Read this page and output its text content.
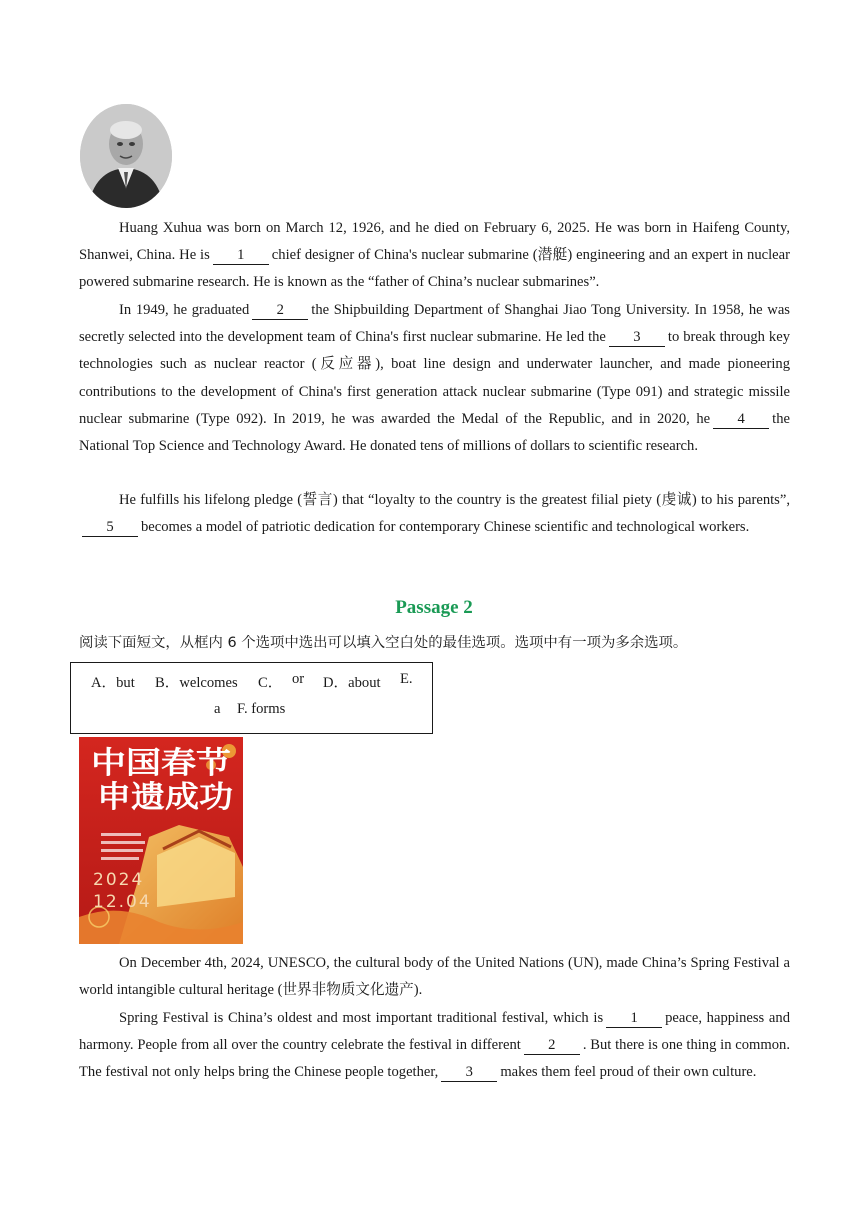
Huang Xuhua was born on March 12, 1926, and he died on February 6, 2025. He was born in Haifeng County, Shanwei, China. He is 1 chief designer of China's nuclear submarine (潜艇) engineering and an expert in nuclear powered submarine research. He is known as the “father of China’s nuclear submarines”.

In 1949, he graduated 2 the Shipbuilding Department of Shanghai Jiao Tong University. In 1958, he was secretly selected into the development team of China's first nuclear submarine. He led the 3 to break through key technologies such as nuclear reactor (反应器), boat line design and underwater launcher, and made pioneering contributions to the development of China's first generation attack nuclear submarine (Type 091) and strategic missile nuclear submarine (Type 092). In 2019, he was awarded the Medal of the Republic, and in 2020, he 4 the National Top Science and Technology Award. He donated tens of millions of dollars to scientific research.

He fulfills his lifelong pledge (誓言) that “loyalty to the country is the greatest filial piety (虔诚) to his parents”,5 becomes a model of patriotic dedication for contemporary Chinese scientific and technological workers.

Passage 2
阅读下面短文，从框内 6 个选项中选出可以填入空白处的最佳选项。选项中有一项为多余选项。
A．but B．welcomes C． or D．about E.
a F. forms
中国春节
申遗成功
2024
12.04

On December 4th, 2024, UNESCO, the cultural body of the United Nations (UN), made China’s Spring Festival a world intangible cultural heritage (世界非物质文化遗产).

Spring Festival is China’s oldest and most important traditional festival, which is 1 peace, happiness and harmony. People from all over the country celebrate the festival in different 2 . But there is one thing in common. The festival not only helps bring the Chinese people together, 3 makes them feel proud of their own culture.
